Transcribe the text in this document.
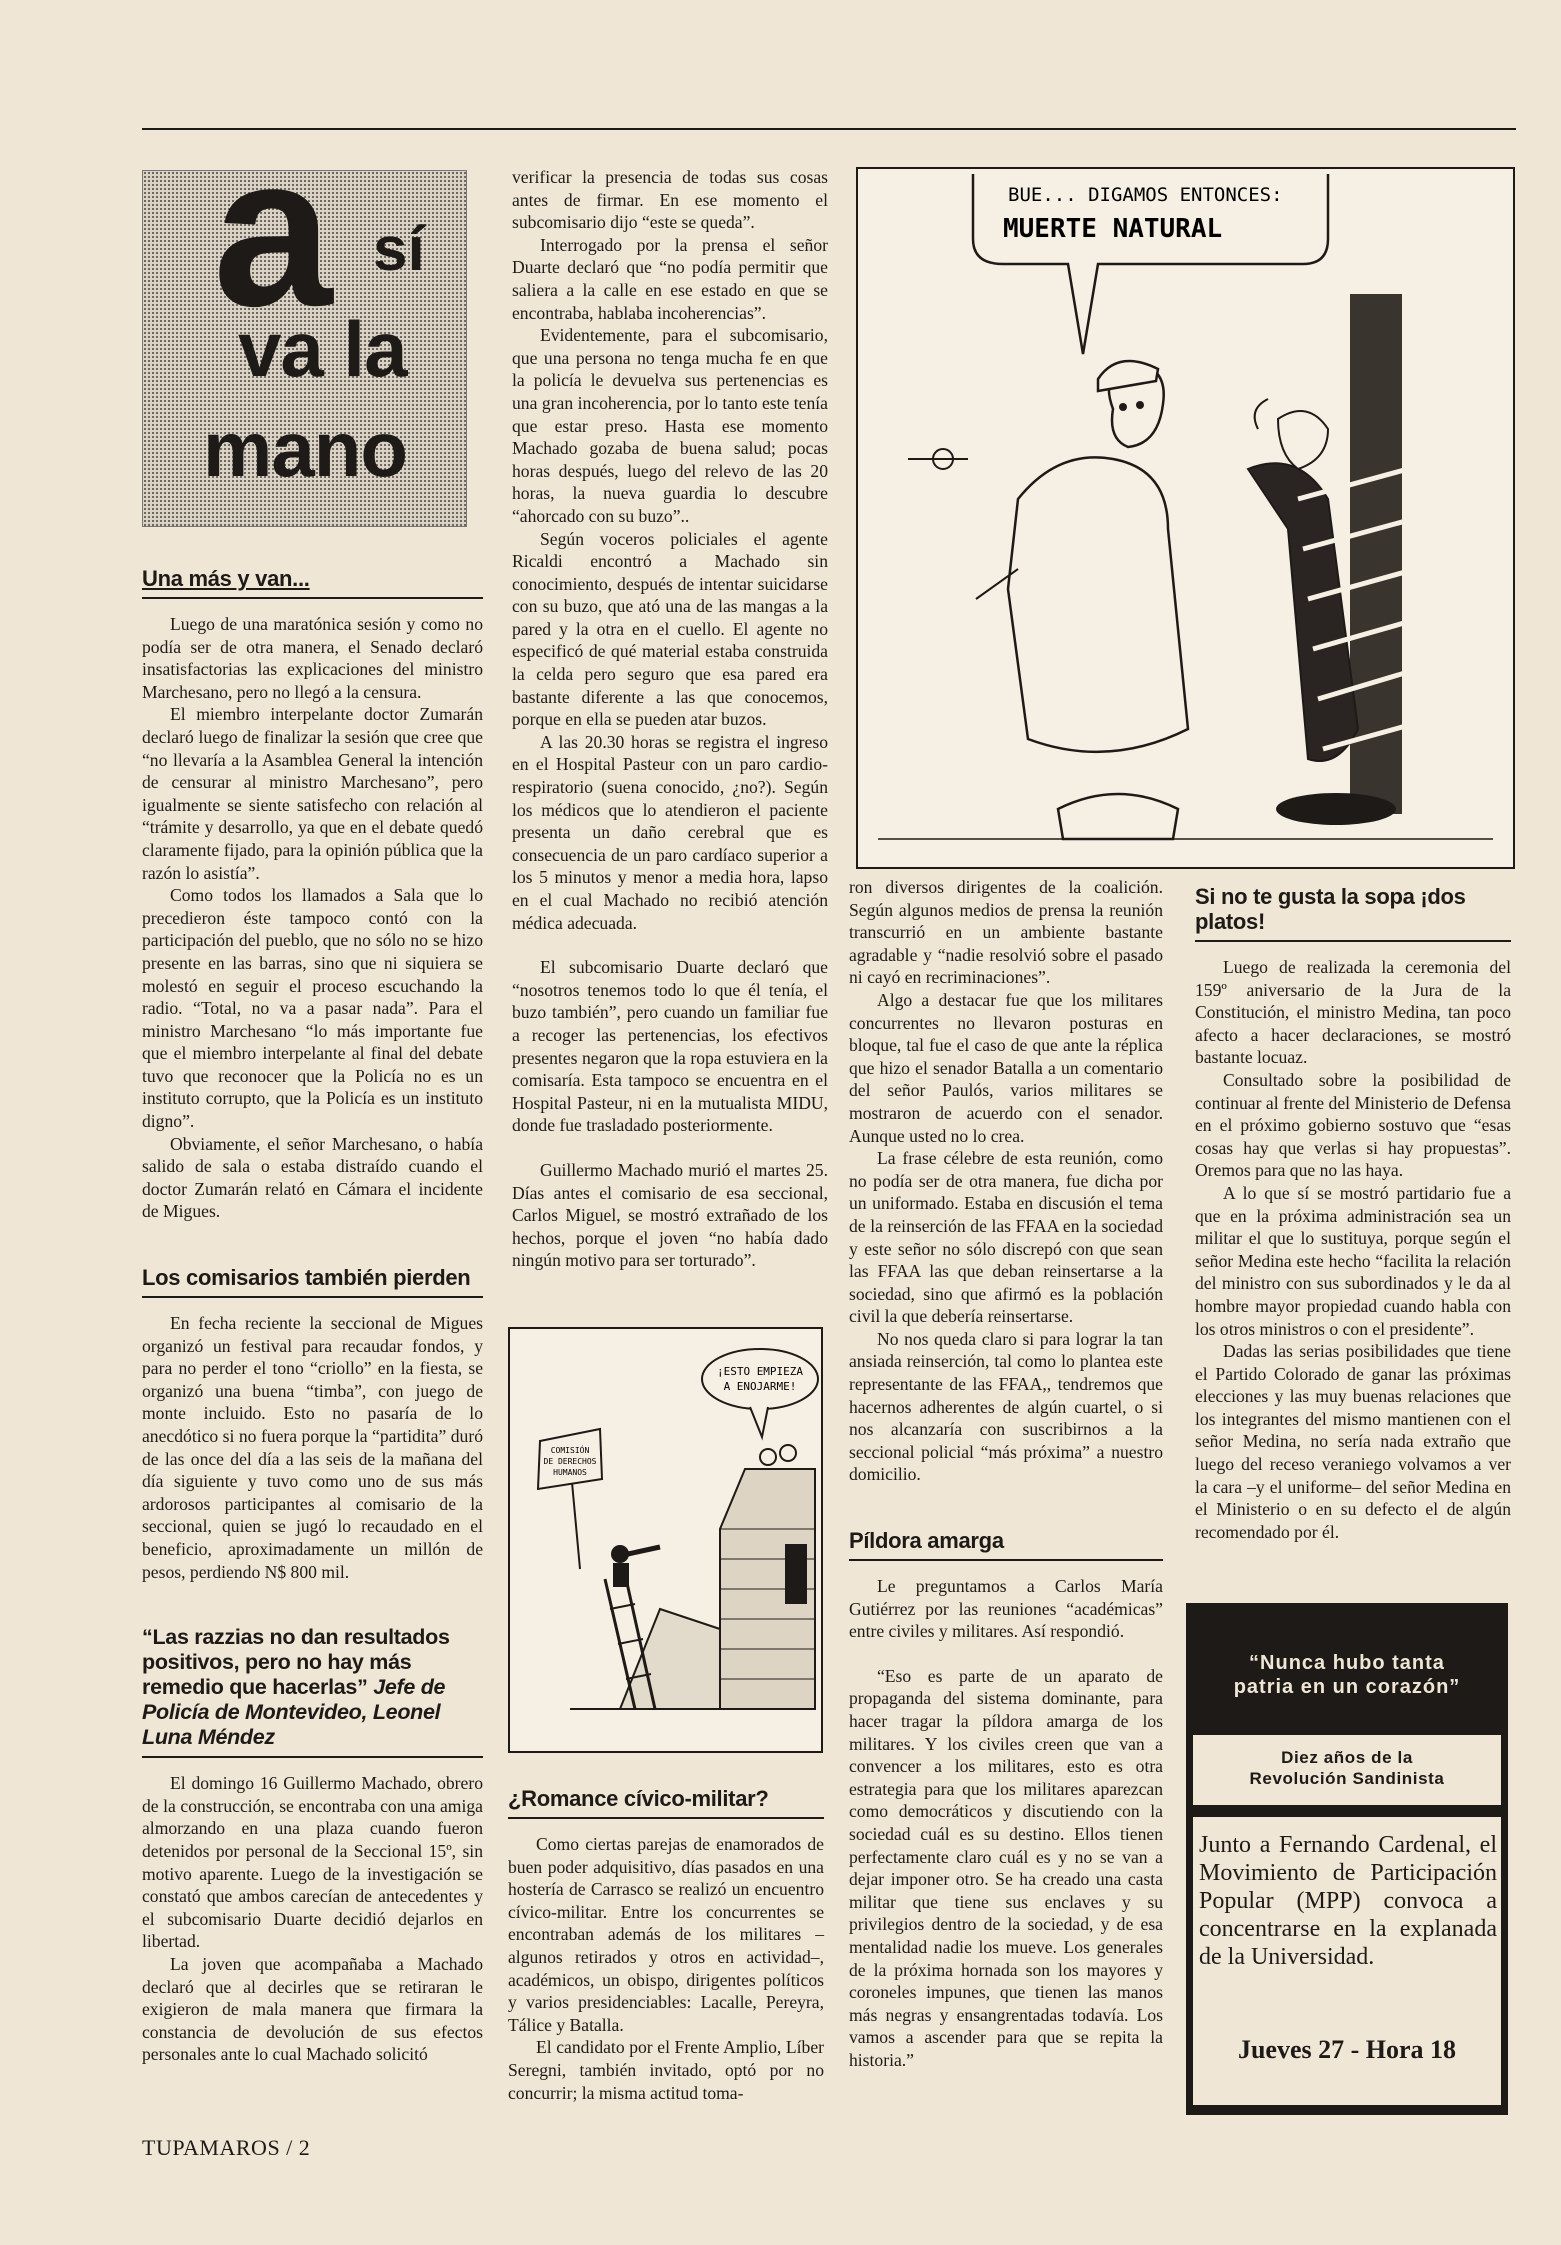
a sí
va la
mano
Una más y van...

Luego de una maratónica sesión y como no podía ser de otra manera, el Senado declaró insatisfactorias las explicaciones del ministro Marchesano, pero no llegó a la censura.

El miembro interpelante doctor Zumarán declaró luego de finalizar la sesión que cree que “no llevaría a la Asamblea General la intención de censurar al ministro Marchesano”, pero igualmente se siente satisfecho con relación al “trámite y desarrollo, ya que en el debate quedó claramente fijado, para la opinión pública que la razón lo asistía”.

Como todos los llamados a Sala que lo precedieron éste tampoco contó con la participación del pueblo, que no sólo no se hizo presente en las barras, sino que ni siquiera se molestó en seguir el proceso escuchando la radio. “Total, no va a pasar nada”. Para el ministro Marchesano “lo más importante fue que el miembro interpelante al final del debate tuvo que reconocer que la Policía no es un instituto corrupto, que la Policía es un instituto digno”.

Obviamente, el señor Marchesano, o había salido de sala o estaba distraído cuando el doctor Zumarán relató en Cámara el incidente de Migues.

Los comisarios también pierden

En fecha reciente la seccional de Migues organizó un festival para recaudar fondos, y para no perder el tono “criollo” en la fiesta, se organizó una buena “timba”, con juego de monte incluido. Esto no pasaría de lo anecdótico si no fuera porque la “partidita” duró de las once del día a las seis de la mañana del día siguiente y tuvo como uno de sus más ardorosos participantes al comisario de la seccional, quien se jugó lo recaudado en el beneficio, aproximadamente un millón de pesos, perdiendo N$ 800 mil.

“Las razzias no dan resultados positivos, pero no hay más remedio que hacerlas” Jefe de Policía de Montevideo, Leonel Luna Méndez

El domingo 16 Guillermo Machado, obrero de la construcción, se encontraba con una amiga almorzando en una plaza cuando fueron detenidos por personal de la Seccional 15º, sin motivo aparente. Luego de la investigación se constató que ambos carecían de antecedentes y el subcomisario Duarte decidió dejarlos en libertad.

La joven que acompañaba a Machado declaró que al decirles que se retiraran le exigieron de mala manera que firmara la constancia de devolución de sus efectos personales ante lo cual Machado solicitó

verificar la presencia de todas sus cosas antes de firmar. En ese momento el subcomisario dijo “este se queda”.

Interrogado por la prensa el señor Duarte declaró que “no podía permitir que saliera a la calle en ese estado en que se encontraba, hablaba incoherencias”.

Evidentemente, para el subcomisario, que una persona no tenga mucha fe en que la policía le devuelva sus pertenencias es una gran incoherencia, por lo tanto este tenía que estar preso. Hasta ese momento Machado gozaba de buena salud; pocas horas después, luego del relevo de las 20 horas, la nueva guardia lo descubre “ahorcado con su buzo”..

Según voceros policiales el agente Ricaldi encontró a Machado sin conocimiento, después de intentar suicidarse con su buzo, que ató una de las mangas a la pared y la otra en el cuello. El agente no especificó de qué material estaba construida la celda pero seguro que esa pared era bastante diferente a las que conocemos, porque en ella se pueden atar buzos.

A las 20.30 horas se registra el ingreso en el Hospital Pasteur con un paro cardio-respiratorio (suena conocido, ¿no?). Según los médicos que lo atendieron el paciente presenta un daño cerebral que es consecuencia de un paro cardíaco superior a los 5 minutos y menor a media hora, lapso en el cual Machado no recibió atención médica adecuada.

El subcomisario Duarte declaró que “nosotros tenemos todo lo que él tenía, el buzo también”, pero cuando un familiar fue a recoger las pertenencias, los efectivos presentes negaron que la ropa estuviera en la comisaría. Esta tampoco se encuentra en el Hospital Pasteur, ni en la mutualista MIDU, donde fue trasladado posteriormente.

Guillermo Machado murió el martes 25. Días antes el comisario de esa seccional, Carlos Miguel, se mostró extrañado de los hechos, porque el joven “no había dado ningún motivo para ser torturado”.

¡ESTO EMPIEZA
A ENOJARME!
COMISIÓN
DE DERECHOS
HUMANOS
¿Romance cívico-militar?

Como ciertas parejas de enamorados de buen poder adquisitivo, días pasados en una hostería de Carrasco se realizó un encuentro cívico-militar. Entre los concurrentes se encontraban además de los militares –algunos retirados y otros en actividad–, académicos, un obispo, dirigentes políticos y varios presidenciables: Lacalle, Pereyra, Tálice y Batalla.

El candidato por el Frente Amplio, Líber Seregni, también invitado, optó por no concurrir; la misma actitud toma-

BUE... DIGAMOS ENTONCES:
MUERTE NATURAL

ron diversos dirigentes de la coalición. Según algunos medios de prensa la reunión transcurrió en un ambiente bastante agradable y “nadie resolvió sobre el pasado ni cayó en recriminaciones”.

Algo a destacar fue que los militares concurrentes no llevaron posturas en bloque, tal fue el caso de que ante la réplica que hizo el senador Batalla a un comentario del señor Paulós, varios militares se mostraron de acuerdo con el senador. Aunque usted no lo crea.

La frase célebre de esta reunión, como no podía ser de otra manera, fue dicha por un uniformado. Estaba en discusión el tema de la reinserción de las FFAA en la sociedad y este señor no sólo discrepó con que sean las FFAA las que deban reinsertarse a la sociedad, sino que afirmó es la población civil la que debería reinsertarse.

No nos queda claro si para lograr la tan ansiada reinserción, tal como lo plantea este representante de las FFAA,, tendremos que hacernos adherentes de algún cuartel, o si nos alcanzaría con suscribirnos a la seccional policial “más próxima” a nuestro domicilio.

Píldora amarga

Le preguntamos a Carlos María Gutiérrez por las reuniones “académicas” entre civiles y militares. Así respondió.

“Eso es parte de un aparato de propaganda del sistema dominante, para hacer tragar la píldora amarga de los militares. Y los civiles creen que van a convencer a los militares, esto es otra estrategia para que los militares aparezcan como democráticos y discutiendo con la sociedad cuál es su destino. Ellos tienen perfectamente claro cuál es y no se van a dejar imponer otro. Se ha creado una casta militar que tiene sus enclaves y su privilegios dentro de la sociedad, y de esa mentalidad nadie los mueve. Los generales de la próxima hornada son los mayores y coroneles impunes, que tienen las manos más negras y ensangrentadas todavía. Los vamos a ascender para que se repita la historia.”

Si no te gusta la sopa ¡dos platos!

Luego de realizada la ceremonia del 159º aniversario de la Jura de la Constitución, el ministro Medina, tan poco afecto a hacer declaraciones, se mostró bastante locuaz.

Consultado sobre la posibilidad de continuar al frente del Ministerio de Defensa en el próximo gobierno sostuvo que “esas cosas hay que verlas si hay propuestas”. Oremos para que no las haya.

A lo que sí se mostró partidario fue a que en la próxima administración sea un militar el que lo sustituya, porque según el señor Medina este hecho “facilita la relación del ministro con sus subordinados y le da al hombre mayor propiedad cuando habla con los otros ministros o con el presidente”.

Dadas las serias posibilidades que tiene el Partido Colorado de ganar las próximas elecciones y las muy buenas relaciones que los integrantes del mismo mantienen con el señor Medina, no sería nada extraño que luego del receso veraniego volvamos a ver la cara –y el uniforme– del señor Medina en el Ministerio o en su defecto el de algún recomendado por él.

“Nunca hubo tanta
patria en un corazón”
Diez años de la
Revolución Sandinista
Junto a Fernando Cardenal, el Movimiento de Participación Popular (MPP) convoca a concentrarse en la explanada de la Universidad.
Jueves 27 - Hora 18
TUPAMAROS / 2
